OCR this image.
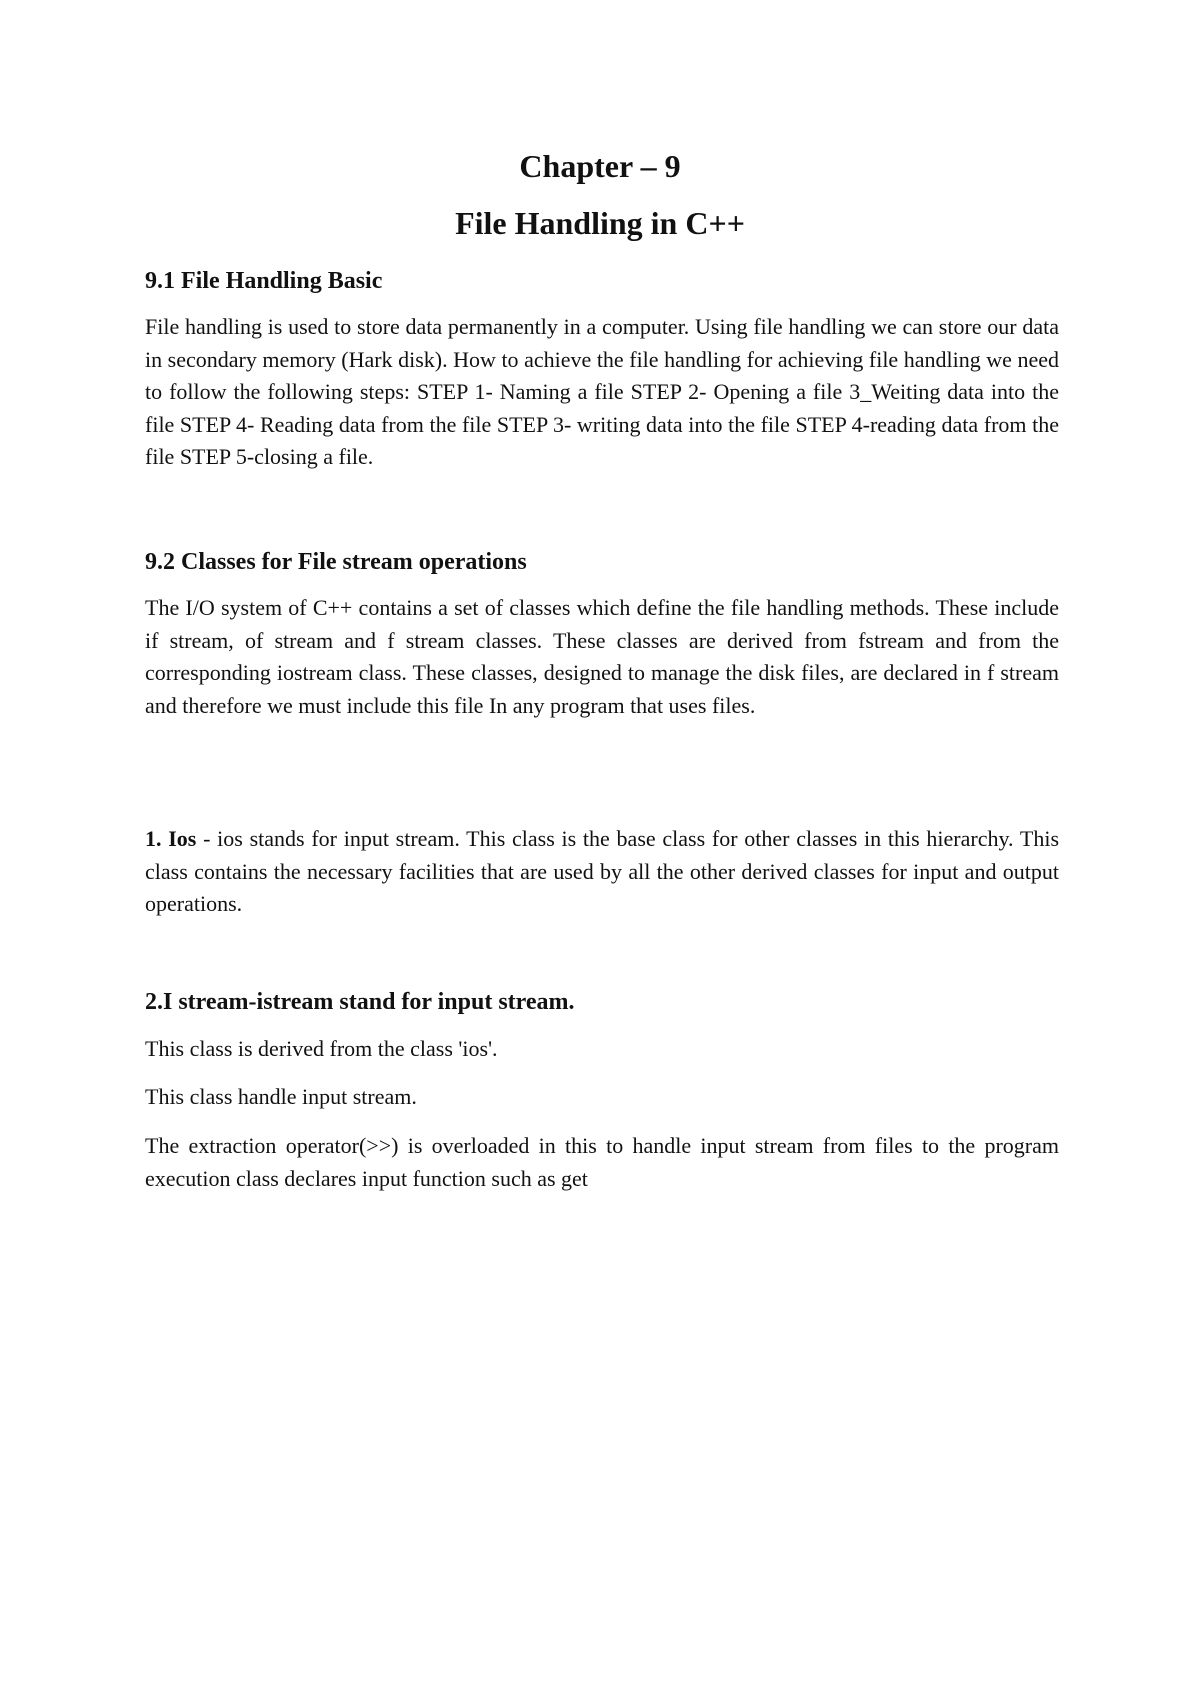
Chapter – 9
File Handling in C++
9.1 File Handling Basic

File handling is used to store data permanently in a computer. Using file handling we can store our data in secondary memory (Hark disk). How to achieve the file handling for achieving file handling we need to follow the following steps: STEP 1- Naming a file STEP 2- Opening a file 3_Weiting data into the file STEP 4- Reading data from the file STEP 3- writing data into the file STEP 4-reading data from the file STEP 5-closing a file.

9.2 Classes for File stream operations

The I/O system of C++ contains a set of classes which define the file handling methods. These include if stream, of stream and f stream classes. These classes are derived from fstream and from the corresponding iostream class. These classes, designed to manage the disk files, are declared in f stream and therefore we must include this file In any program that uses files.

1. Ios - ios stands for input stream. This class is the base class for other classes in this hierarchy. This class contains the necessary facilities that are used by all the other derived classes for input and output operations.

2.I stream-istream stand for input stream.

This class is derived from the class 'ios'.

This class handle input stream.

The extraction operator(>>) is overloaded in this to handle input stream from files to the program execution class declares input function such as get
